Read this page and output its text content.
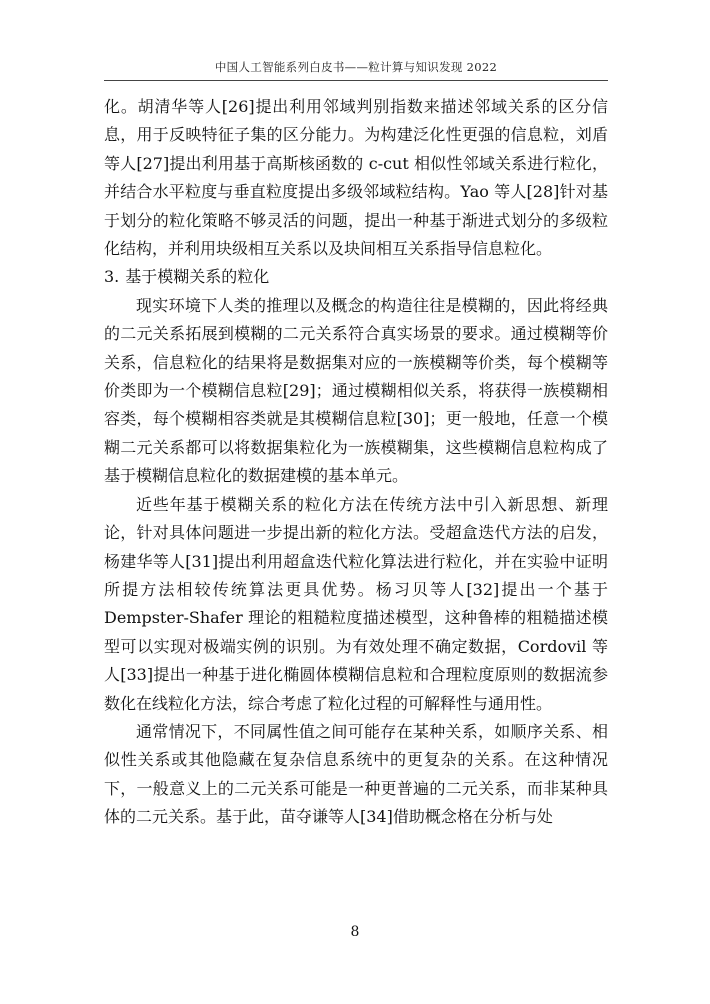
中国人工智能系列白皮书——粒计算与知识发现 2022

化。胡清华等人[26]提出利用邻域判别指数来描述邻域关系的区分信息，用于反映特征子集的区分能力。为构建泛化性更强的信息粒，刘盾等人[27]提出利用基于高斯核函数的 c-cut 相似性邻域关系进行粒化，并结合水平粒度与垂直粒度提出多级邻域粒结构。Yao 等人[28]针对基于划分的粒化策略不够灵活的问题，提出一种基于渐进式划分的多级粒化结构，并利用块级相互关系以及块间相互关系指导信息粒化。

3. 基于模糊关系的粒化

现实环境下人类的推理以及概念的构造往往是模糊的，因此将经典的二元关系拓展到模糊的二元关系符合真实场景的要求。通过模糊等价关系，信息粒化的结果将是数据集对应的一族模糊等价类，每个模糊等价类即为一个模糊信息粒[29]；通过模糊相似关系，将获得一族模糊相容类，每个模糊相容类就是其模糊信息粒[30]；更一般地，任意一个模糊二元关系都可以将数据集粒化为一族模糊集，这些模糊信息粒构成了基于模糊信息粒化的数据建模的基本单元。

近些年基于模糊关系的粒化方法在传统方法中引入新思想、新理论，针对具体问题进一步提出新的粒化方法。受超盒迭代方法的启发，杨建华等人[31]提出利用超盒迭代粒化算法进行粒化，并在实验中证明所提方法相较传统算法更具优势。杨习贝等人[32]提出一个基于 Dempster-Shafer 理论的粗糙粒度描述模型，这种鲁棒的粗糙描述模型可以实现对极端实例的识别。为有效处理不确定数据，Cordovil 等人[33]提出一种基于进化椭圆体模糊信息粒和合理粒度原则的数据流参数化在线粒化方法，综合考虑了粒化过程的可解释性与通用性。

通常情况下，不同属性值之间可能存在某种关系，如顺序关系、相似性关系或其他隐藏在复杂信息系统中的更复杂的关系。在这种情况下，一般意义上的二元关系可能是一种更普遍的二元关系，而非某种具体的二元关系。基于此，苗夺谦等人[34]借助概念格在分析与处

8
